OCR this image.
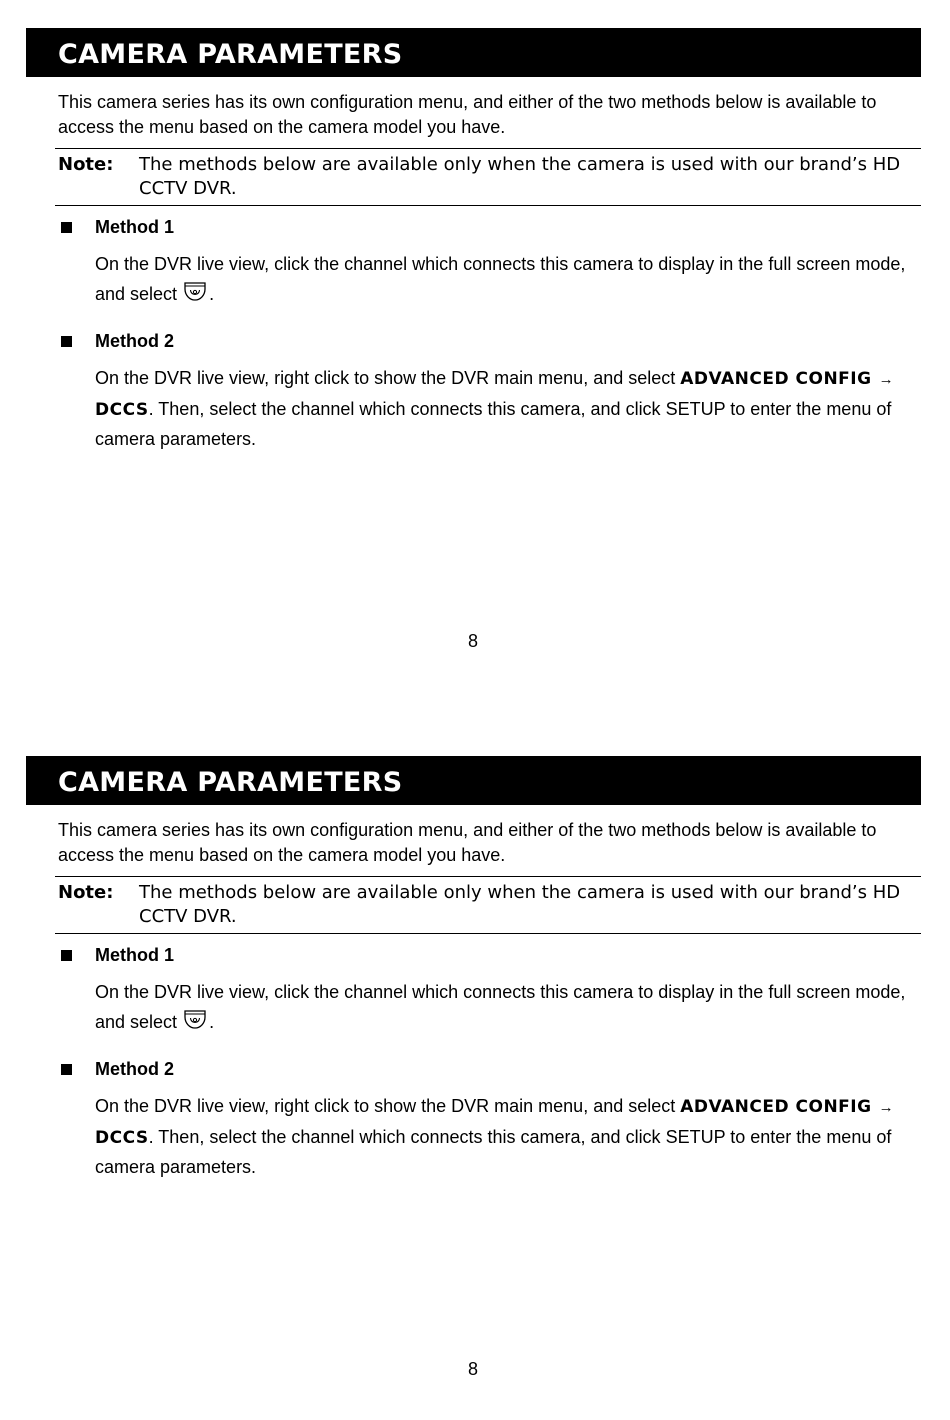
CAMERA PARAMETERS
This camera series has its own configuration menu, and either of the two methods below is available to access the menu based on the camera model you have.
Note: The methods below are available only when the camera is used with our brand’s HD CCTV DVR.
Method 1
On the DVR live view, click the channel which connects this camera to display in the full screen mode, and select .
Method 2
On the DVR live view, right click to show the DVR main menu, and select ADVANCED CONFIG → DCCS. Then, select the channel which connects this camera, and click SETUP to enter the menu of camera parameters.
8
CAMERA PARAMETERS
This camera series has its own configuration menu, and either of the two methods below is available to access the menu based on the camera model you have.
Note: The methods below are available only when the camera is used with our brand’s HD CCTV DVR.
Method 1
On the DVR live view, click the channel which connects this camera to display in the full screen mode, and select .
Method 2
On the DVR live view, right click to show the DVR main menu, and select ADVANCED CONFIG → DCCS. Then, select the channel which connects this camera, and click SETUP to enter the menu of camera parameters.
8
